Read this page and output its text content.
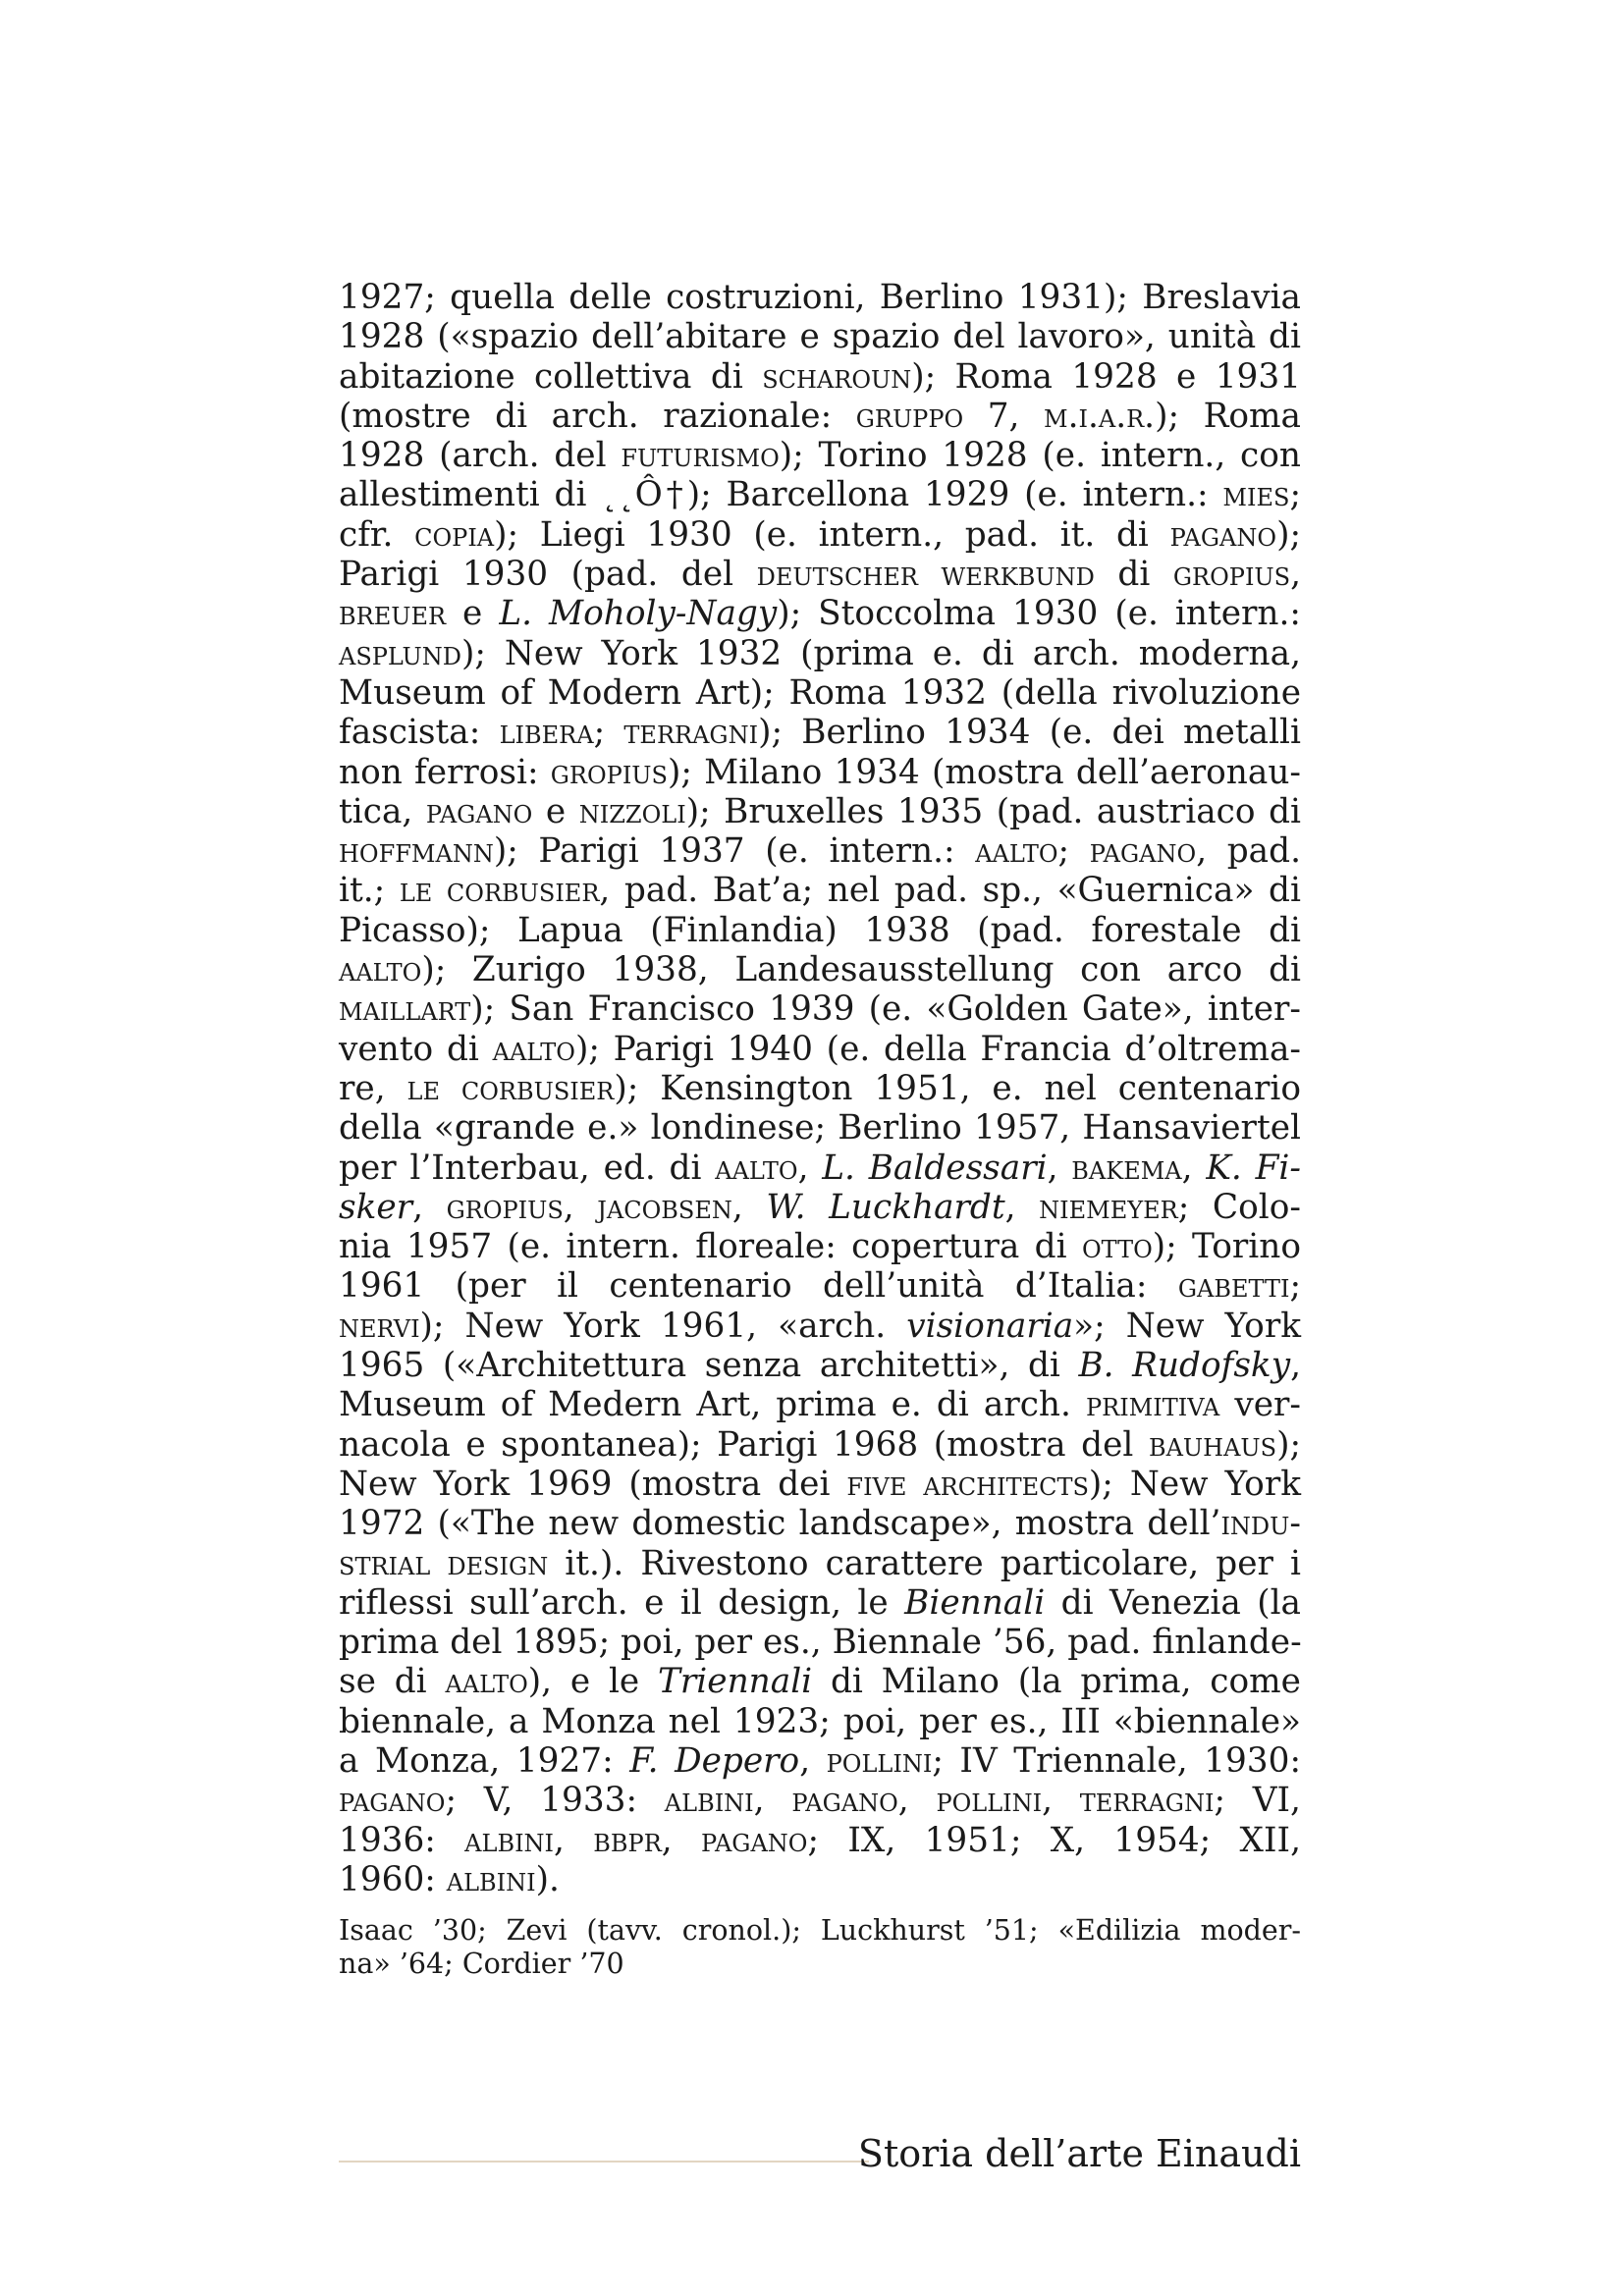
1927; quella delle costruzioni, Berlino 1931); Breslavia
1928 («spazio dell’abitare e spazio del lavoro», unità di
abitazione collettiva di scharoun); Roma 1928 e 1931
(mostre di arch. razionale: gruppo 7, m.i.a.r.); Roma
1928 (arch. del futurismo); Torino 1928 (e. intern., con
allestimenti di ˛˛Ô†); Barcellona 1929 (e. intern.: mies;
cfr. copia); Liegi 1930 (e. intern., pad. it. di pagano);
Parigi 1930 (pad. del deutscher werkbund di gropius,
breuer e L. Moholy-Nagy); Stoccolma 1930 (e. intern.:
asplund); New York 1932 (prima e. di arch. moderna,
Museum of Modern Art); Roma 1932 (della rivoluzione
fascista: libera; terragni); Berlino 1934 (e. dei metalli
non ferrosi: gropius); Milano 1934 (mostra dell’aeronau-
tica, pagano e nizzoli); Bruxelles 1935 (pad. austriaco di
hoffmann); Parigi 1937 (e. intern.: aalto; pagano, pad.
it.; le corbusier, pad. Bat’a; nel pad. sp., «Guernica» di
Picasso); Lapua (Finlandia) 1938 (pad. forestale di
aalto); Zurigo 1938, Landesausstellung con arco di
maillart); San Francisco 1939 (e. «Golden Gate», inter-
vento di aalto); Parigi 1940 (e. della Francia d’oltrema-
re, le corbusier); Kensington 1951, e. nel centenario
della «grande e.» londinese; Berlino 1957, Hansaviertel
per l’Interbau, ed. di aalto, L. Baldessari, bakema, K. Fi-
sker, gropius, jacobsen, W. Luckhardt, niemeyer; Colo-
nia 1957 (e. intern. floreale: copertura di otto); Torino
1961 (per il centenario dell’unità d’Italia: gabetti;
nervi); New York 1961, «arch. visionaria»; New York
1965 («Architettura senza architetti», di B. Rudofsky,
Museum of Medern Art, prima e. di arch. primitiva ver-
nacola e spontanea); Parigi 1968 (mostra del bauhaus);
New York 1969 (mostra dei five architects); New York
1972 («The new domestic landscape», mostra dell’indu-
strial design it.). Rivestono carattere particolare, per i
riflessi sull’arch. e il design, le Biennali di Venezia (la
prima del 1895; poi, per es., Biennale ’56, pad. finlande-
se di aalto), e le Triennali di Milano (la prima, come
biennale, a Monza nel 1923; poi, per es., III «biennale»
a Monza, 1927: F. Depero, pollini; IV Triennale, 1930:
pagano; V, 1933: albini, pagano, pollini, terragni; VI,
1936: albini, bbpr, pagano; IX, 1951; X, 1954; XII,
1960: albini).
Isaac ’30; Zevi (tavv. cronol.); Luckhurst ’51; «Edilizia moder-
na» ’64; Cordier ’70
Storia dell’arte Einaudi
